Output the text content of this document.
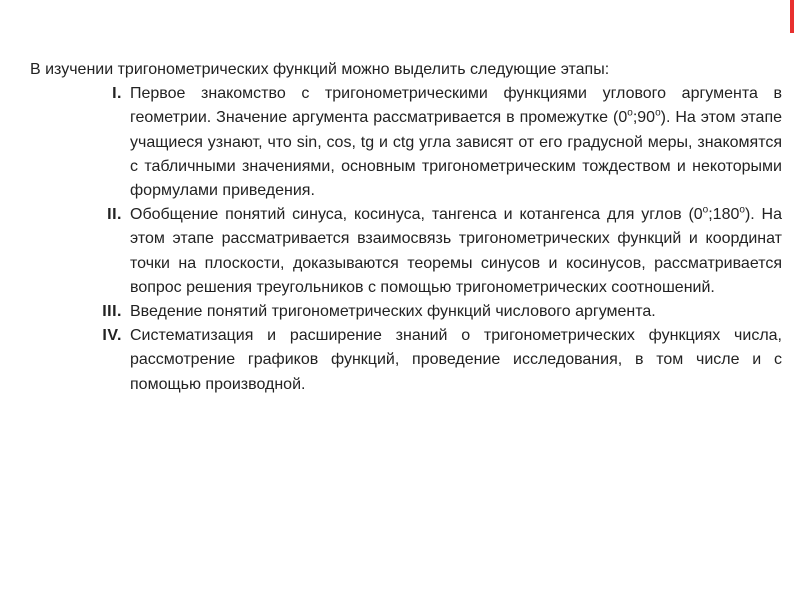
В изучении тригонометрических функций можно выделить следующие этапы:

I. Первое знакомство с тригонометрическими функциями углового аргумента в геометрии. Значение аргумента рассматривается в промежутке $(0^о;90^о)$. На этом этапе учащиеся узнают, что sin, cos, tg и ctg угла зависят от его градусной меры, знакомятся с табличными значениями, основным тригонометрическим тождеством и некоторыми формулами приведения.
II. Обобщение понятий синуса, косинуса, тангенса и котангенса для углов $(0^о;180^о)$. На этом этапе рассматривается взаимосвязь тригонометрических функций и координат точки на плоскости, доказываются теоремы синусов и косинусов, рассматривается вопрос решения треугольников с помощью тригонометрических соотношений.
III. Введение понятий тригонометрических функций числового аргумента.
IV. Систематизация и расширение знаний о тригонометрических функциях числа, рассмотрение графиков функций, проведение исследования, в том числе и с помощью производной.
